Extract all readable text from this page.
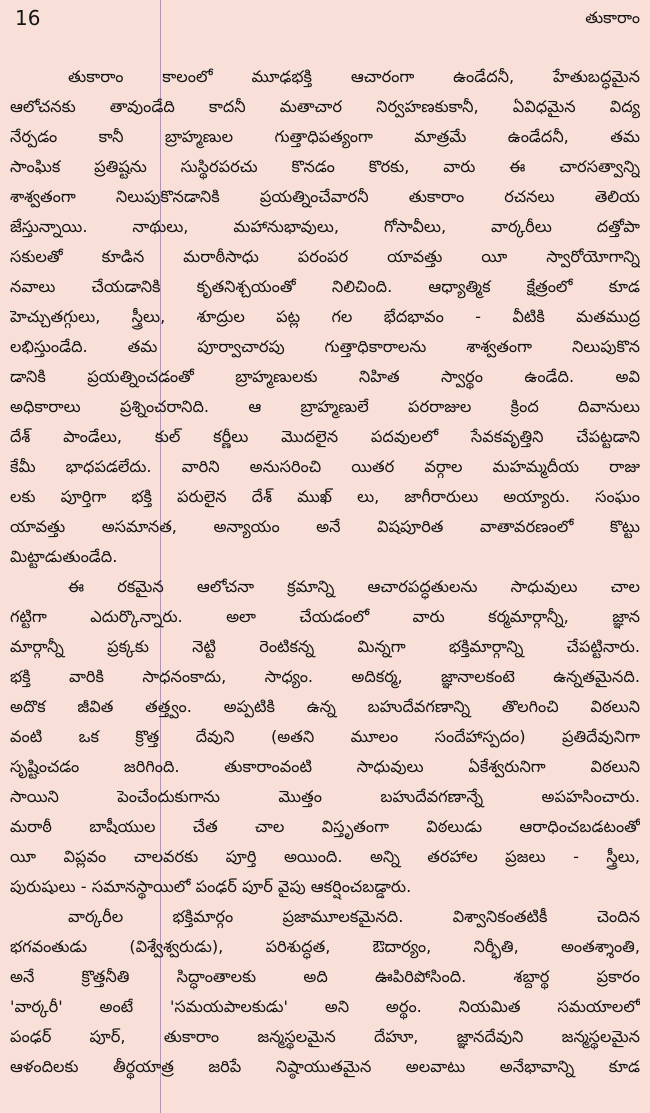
16	తుకారాం
తుకారాం కాలంలో మూఢభక్తి ఆచారంగా ఉండేదనీ, హేతుబద్ధమైన
ఆలోచనకు తావుండేది కాదనీ మతాచార నిర్వహణకుకానీ, ఏవిధమైన విద్య
నేర్పడం కానీ బ్రాహ్మణుల గుత్తాధిపత్యంగా మాత్రమే ఉండేదనీ, తమ
సాంఘిక ప్రతిష్టను సుస్థిరపరచు కొనడం కొరకు, వారు ఈ చారసత్వాన్ని
శాశ్వతంగా నిలుపుకొనడానికి ప్రయత్నించేవారనీ తుకారాం రచనలు తెలియ
జేస్తున్నాయి. నాథులు, మహానుభావులు, గోసావీలు, వార్కరీలు దత్తోపా
సకులతో కూడిన మరాఠీసాధు పరంపర యావత్తు యీ స్వారోయోగాన్ని
నవాలు చేయడానికి కృతనిశ్చయంతో నిలిచింది. ఆధ్యాత్మిక క్షేత్రంలో కూడ
హెచ్చుతగ్గులు, స్త్రీలు, శూద్రుల పట్ల గల భేదభావం - వీటికి మతముద్ర
లభిస్తుండేది. తమ పూర్వాచారపు గుత్తాధికారాలను శాశ్వతంగా నిలుపుకొన
డానికి ప్రయత్నించడంతో బ్రాహ్మణులకు నిహిత స్వార్థం ఉండేది. అవి
అధికారాలు ప్రశ్నించరానిది. ఆ బ్రాహ్మణులే పరరాజుల క్రింద దివానులు
దేశ్ పాండేలు, కుల్ కర్ణీలు మొదలైన పదవులలో సేవకవృత్తిని చేపట్టడాని
కేమీ భాధపడలేదు. వారిని అనుసరించి యితర వర్గాల మహమ్మదీయ రాజు
లకు పూర్తిగా భక్తి పరులైన దేశ్ ముఖ్ లు, జాగీరారులు అయ్యారు. సంఘం
యావత్తు అసమానత, అన్యాయం అనే విషపూరిత వాతావరణంలో కొట్టు
మిట్టాడుతుండేది.
ఈ రకమైన ఆలోచనా క్రమాన్ని ఆచారపద్ధతులను సాధువులు చాల
గట్టిగా ఎదుర్కొన్నారు. అలా చేయడంలో వారు కర్మమార్గాన్నీ, జ్ఞాన
మార్గాన్నీ ప్రక్కకు నెట్టి రెంటికన్న మిన్నగా భక్తిమార్గాన్ని చేపట్టినారు.
భక్తి వారికి సాధనంకాదు, సాధ్యం. అదికర్మ, జ్ఞానాలకంటె ఉన్నతమైనది.
అదొక జీవిత తత్త్వం. అప్పటికి ఉన్న బహుదేవగణాన్ని తొలగించి విఠలుని
వంటి ఒక క్రొత్త దేవుని (అతని మూలం సందేహాస్పదం) ప్రతిదేవునిగా
సృష్టించడం జరిగింది. తుకారాంవంటి సాధువులు ఏకేశ్వరునిగా విఠలుని
సాయిని పెంచేందుకుగాను మొత్తం బహుదేవగణాన్నే అపహసించారు.
మరాఠీ బాషీయుల చేత చాల విస్తృతంగా విఠలుడు ఆరాధించబడటంతో
యీ విప్లవం చాలవరకు పూర్తి అయింది. అన్ని తరహాల ప్రజలు - స్త్రీలు,
పురుషులు - సమానస్థాయిలో పంఢర్ పూర్ వైపు ఆకర్షించబడ్డారు.
వార్కరీల భక్తిమార్గం ప్రజామూలకమైనది. విశ్వానికంతటికీ చెందిన
భగవంతుడు (విశ్వేశ్వరుడు), పరిశుద్ధత, ఔదార్యం, నిర్భీతి, అంతశ్శాంతి,
అనే క్రొత్తనీతి సిద్ధాంతాలకు అది ఊపిరిపోసింది. శబ్దార్థ ప్రకారం
'వార్కరీ' అంటే 'సమయపాలకుడు' అని అర్థం. నియమిత సమయాలలో
పంఢర్ పూర్, తుకారాం జన్మస్థలమైన దేహూ, జ్ఞానదేవుని జన్మస్థలమైన
ఆళందిలకు తీర్థయాత్ర జరిపే నిష్ఠాయుతమైన అలవాటు అనేభావాన్ని కూడ
